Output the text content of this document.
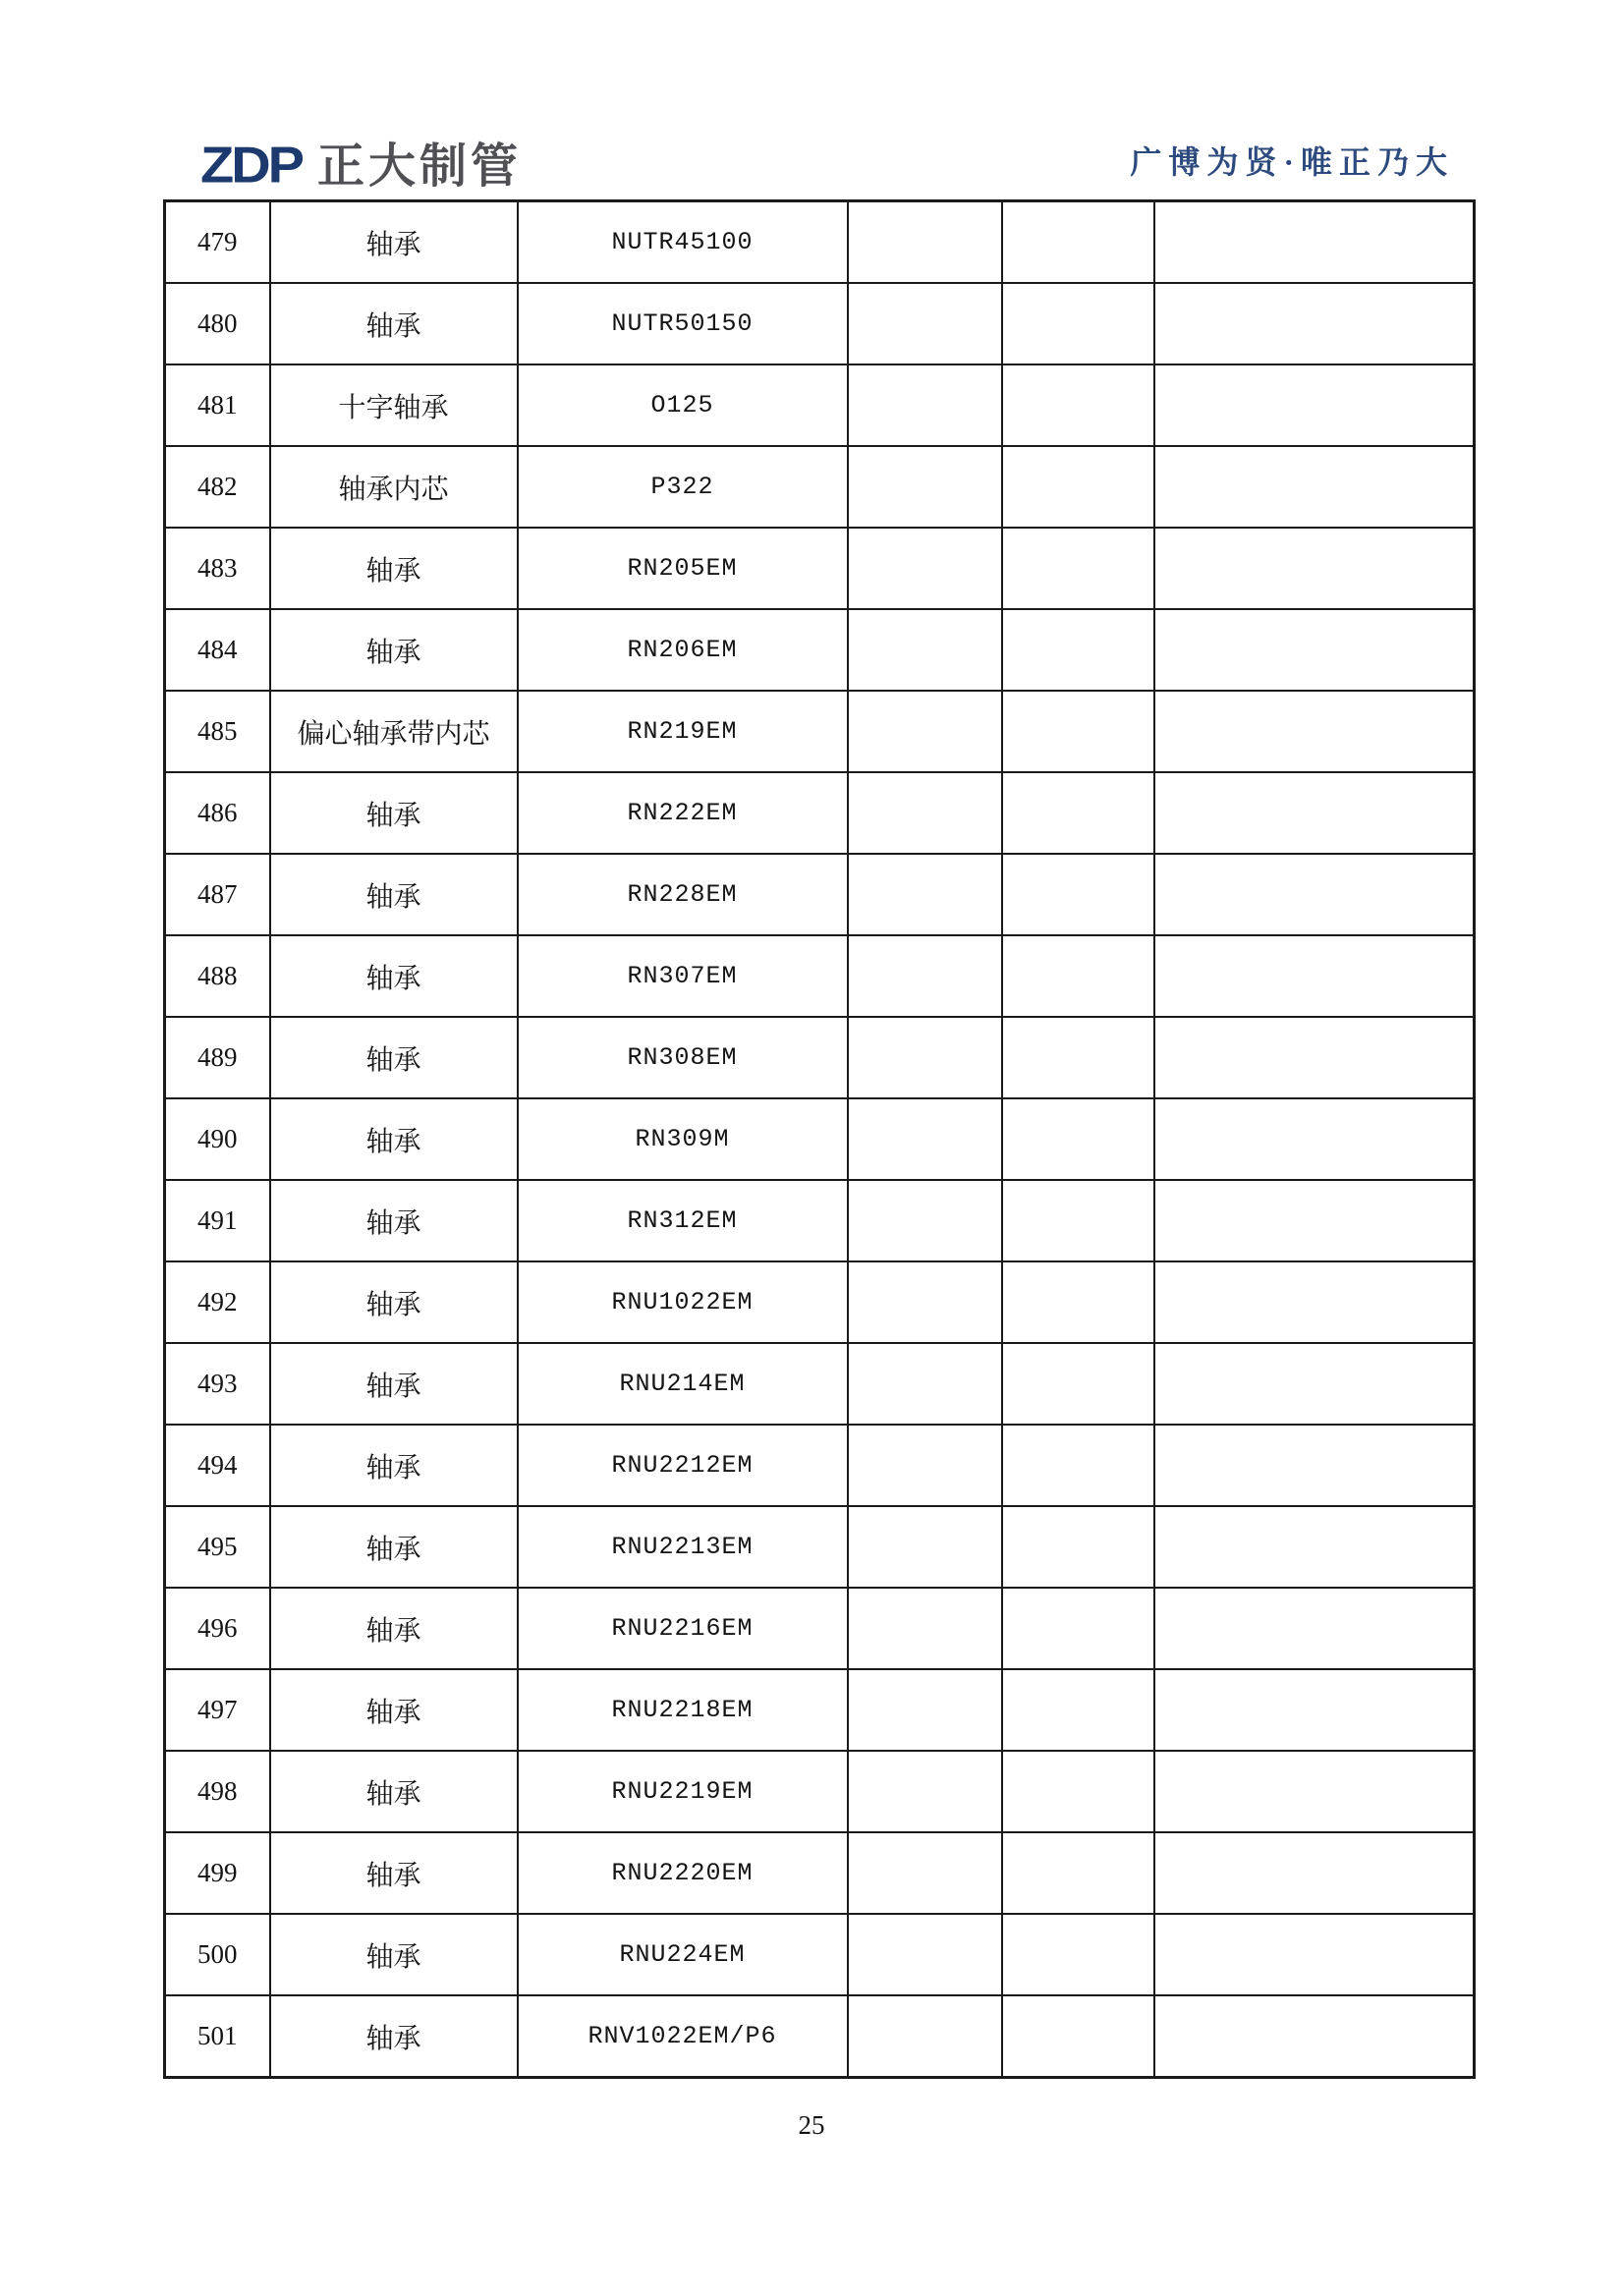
ZDP 正大制管	广博为贤·唯正乃大
479	轴承	NUTR45100			
480	轴承	NUTR50150			
481	十字轴承	O125			
482	轴承内芯	P322			
483	轴承	RN205EM			
484	轴承	RN206EM			
485	偏心轴承带内芯	RN219EM			
486	轴承	RN222EM			
487	轴承	RN228EM			
488	轴承	RN307EM			
489	轴承	RN308EM			
490	轴承	RN309M			
491	轴承	RN312EM			
492	轴承	RNU1022EM			
493	轴承	RNU214EM			
494	轴承	RNU2212EM			
495	轴承	RNU2213EM			
496	轴承	RNU2216EM			
497	轴承	RNU2218EM			
498	轴承	RNU2219EM			
499	轴承	RNU2220EM			
500	轴承	RNU224EM			
501	轴承	RNV1022EM/P6			
25
